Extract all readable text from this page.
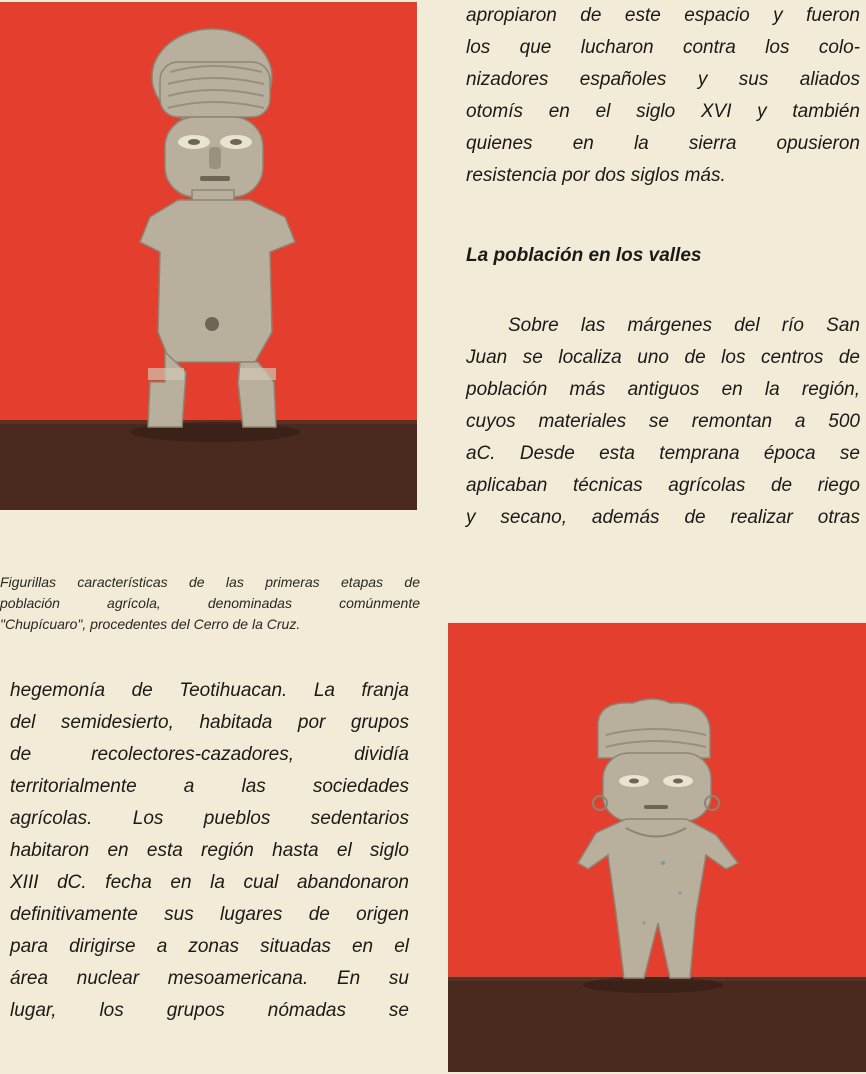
Figurillas características de las primeras etapas de
población agrícola, denominadas comúnmente
"Chupícuaro", procedentes del Cerro de la Cruz.

hegemonía de Teotihuacan. La franja
del semidesierto, habitada por grupos
de recolectores-cazadores, dividía
territorialmente a las sociedades
agrícolas. Los pueblos sedentarios
habitaron en esta región hasta el siglo
XIII dC. fecha en la cual abandonaron
definitivamente sus lugares de origen
para dirigirse a zonas situadas en el
área nuclear mesoamericana. En su
lugar, los grupos nómadas se

apropiaron de este espacio y fueron
los que lucharon contra los colo-
nizadores españoles y sus aliados
otomís en el siglo XVI y también
quienes en la sierra opusieron
resistencia por dos siglos más.

La población en los valles

Sobre las márgenes del río San
Juan se localiza uno de los centros de
población más antiguos en la región,
cuyos materiales se remontan a 500
aC. Desde esta temprana época se
aplicaban técnicas agrícolas de riego
y secano, además de realizar otras
